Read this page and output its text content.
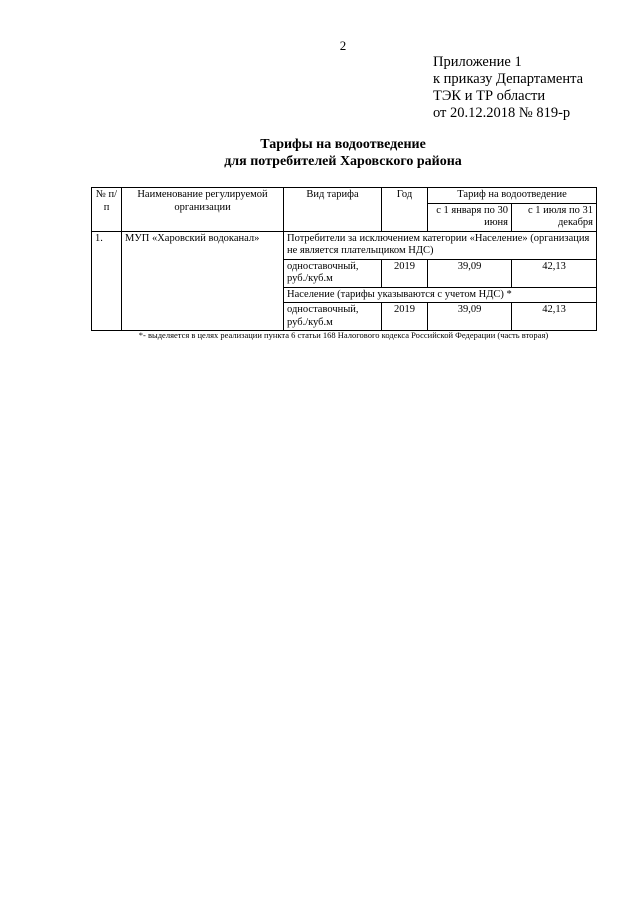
2
Приложение 1
к приказу Департамента
ТЭК и ТР области
от 20.12.2018 № 819-р
Тарифы на водоотведение
для потребителей Харовского района
№ п/п	Наименование регулируемой организации	Вид тарифа	Год	Тариф на водоотведение	
				с 1 января по 30 июня	с 1 июля по 31 декабря
1.	МУП «Харовский водоканал»	Потребители за исключением категории «Население» (организация не является плательщиком НДС)			
		одноставочный, руб./куб.м	2019	39,09	42,13
		Население (тарифы указываются с учетом НДС) *			
		одноставочный, руб./куб.м	2019	39,09	42,13
*- выделяется в целях реализации пункта 6 статьи 168 Налогового кодекса Российской Федерации (часть вторая)
